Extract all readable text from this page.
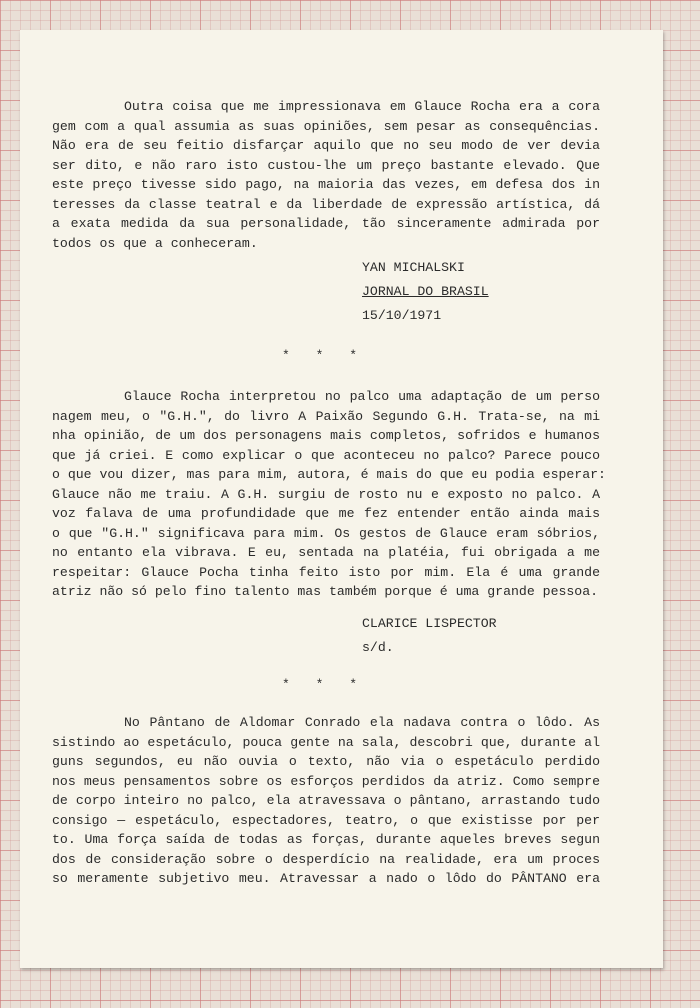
Outra coisa que me impressionava em Glauce Rocha era a cora
gem com a qual assumia as suas opiniões, sem pesar as consequências.
Não era de seu feitio disfarçar aquilo que no seu modo de ver devia
ser dito, e não raro isto custou-lhe um preço bastante elevado. Que
este preço tivesse sido pago, na maioria das vezes, em defesa dos in
teresses da classe teatral e da liberdade de expressão artística, dá
a exata medida da sua personalidade, tão sinceramente admirada por
todos os que a conheceram.
YAN MICHALSKI
JORNAL DO BRASIL
15/10/1971
* * *
Glauce Rocha interpretou no palco uma adaptação de um perso
nagem meu, o "G.H.", do livro A Paixão Segundo G.H. Trata-se, na mi
nha opinião, de um dos personagens mais completos, sofridos e humanos
que já criei. E como explicar o que aconteceu no palco? Parece pouco
o que vou dizer, mas para mim, autora, é mais do que eu podia esperar:
Glauce não me traiu. A G.H. surgiu de rosto nu e exposto no palco. A
voz falava de uma profundidade que me fez entender então ainda mais
o que "G.H." significava para mim. Os gestos de Glauce eram sóbrios,
no entanto ela vibrava. E eu, sentada na platéia, fui obrigada a me
respeitar: Glauce Pocha tinha feito isto por mim. Ela é uma grande
atriz não só pelo fino talento mas também porque é uma grande pessoa.
CLARICE LISPECTOR
s/d.
* * *
No Pântano de Aldomar Conrado ela nadava contra o lôdo. As
sistindo ao espetáculo, pouca gente na sala, descobri que, durante al
guns segundos, eu não ouvia o texto, não via o espetáculo perdido
nos meus pensamentos sobre os esforços perdidos da atriz. Como sempre
de corpo inteiro no palco, ela atravessava o pântano, arrastando tudo
consigo — espetáculo, espectadores, teatro, o que existisse por per
to. Uma força saída de todas as forças, durante aqueles breves segun
dos de consideração sobre o desperdício na realidade, era um proces
so meramente subjetivo meu. Atravessar a nado o lôdo do PÂNTANO era
